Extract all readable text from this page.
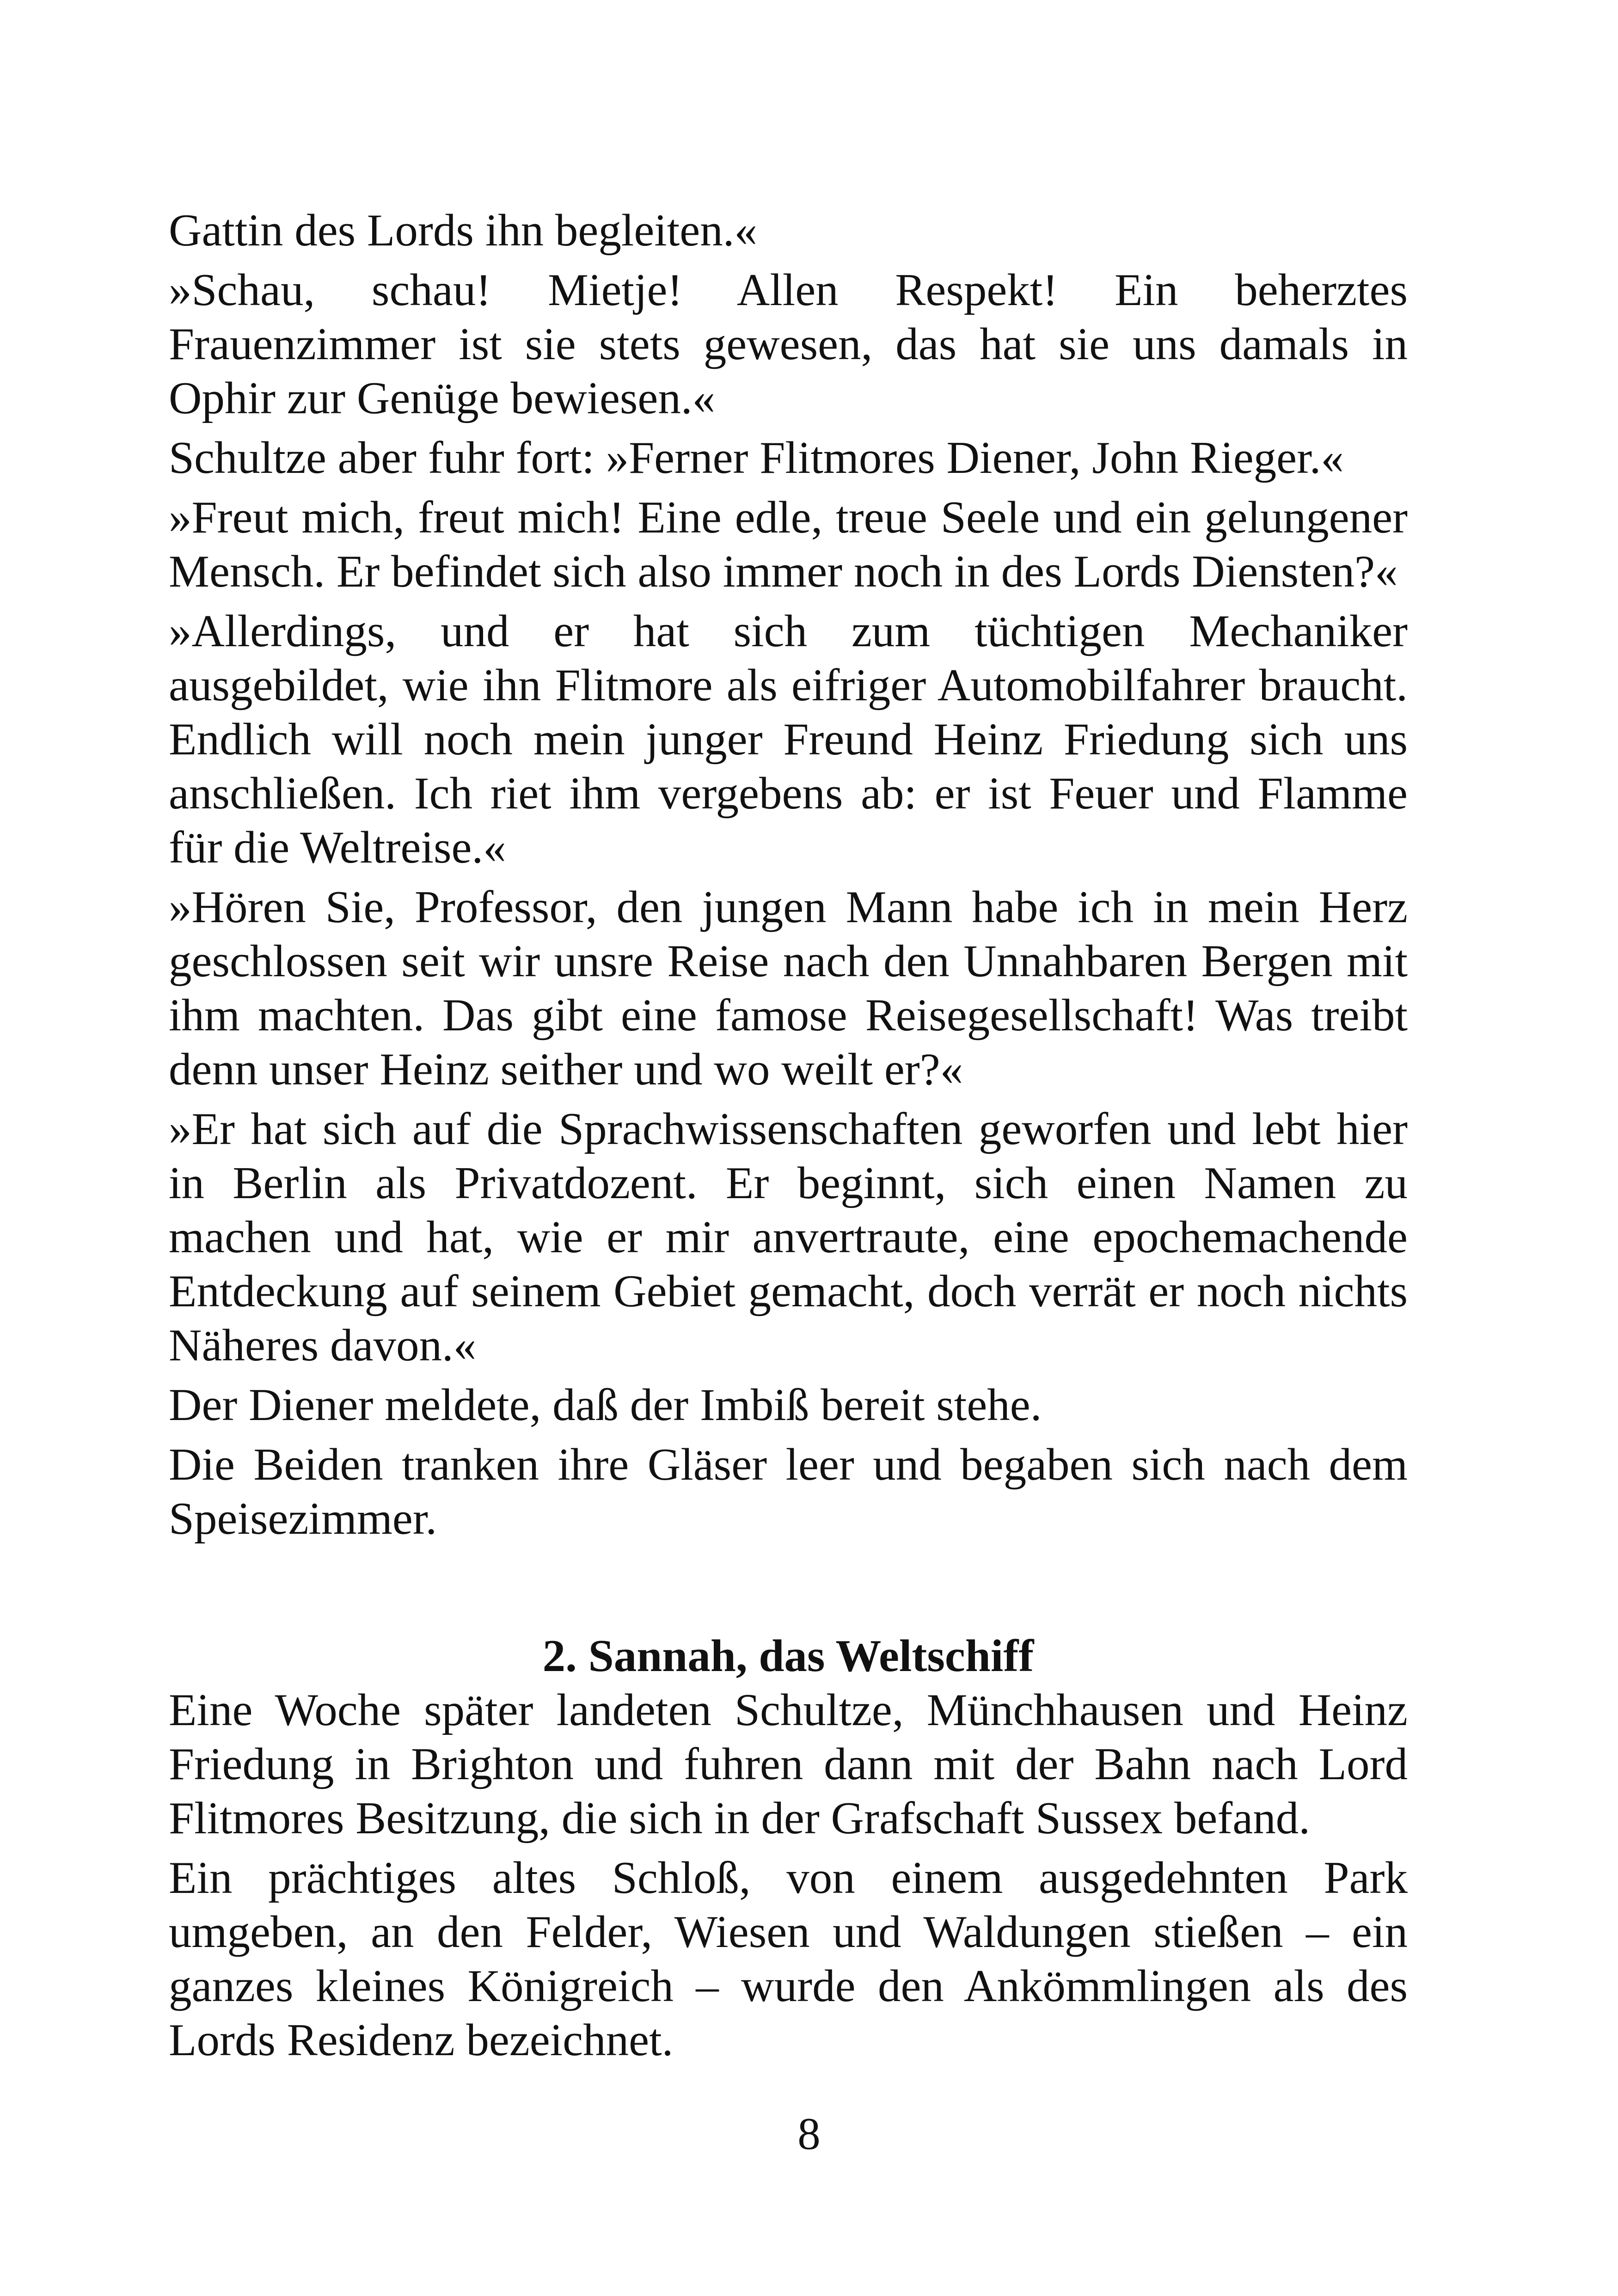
Gattin des Lords ihn begleiten.«

»Schau, schau! Mietje! Allen Respekt! Ein beherztes Frauenzimmer ist sie stets gewesen, das hat sie uns damals in Ophir zur Genüge bewiesen.«

Schultze aber fuhr fort: »Ferner Flitmores Diener, John Rieger.«

»Freut mich, freut mich! Eine edle, treue Seele und ein gelungener Mensch. Er befindet sich also immer noch in des Lords Diensten?«

»Allerdings, und er hat sich zum tüchtigen Mechaniker ausgebildet, wie ihn Flitmore als eifriger Automobilfahrer braucht. Endlich will noch mein junger Freund Heinz Friedung sich uns anschließen. Ich riet ihm vergebens ab: er ist Feuer und Flamme für die Weltreise.«

»Hören Sie, Professor, den jungen Mann habe ich in mein Herz geschlossen seit wir unsre Reise nach den Unnahbaren Bergen mit ihm machten. Das gibt eine famose Reisegesellschaft! Was treibt denn unser Heinz seither und wo weilt er?«

»Er hat sich auf die Sprachwissenschaften geworfen und lebt hier in Berlin als Privatdozent. Er beginnt, sich einen Namen zu machen und hat, wie er mir anvertraute, eine epochemachende Entdeckung auf seinem Gebiet gemacht, doch verrät er noch nichts Näheres davon.«

Der Diener meldete, daß der Imbiß bereit stehe.

Die Beiden tranken ihre Gläser leer und begaben sich nach dem Speisezimmer.

2. Sannah, das Weltschiff

Eine Woche später landeten Schultze, Münchhausen und Heinz Friedung in Brighton und fuhren dann mit der Bahn nach Lord Flitmores Besitzung, die sich in der Grafschaft Sussex befand.

Ein prächtiges altes Schloß, von einem ausgedehnten Park umgeben, an den Felder, Wiesen und Waldungen stießen – ein ganzes kleines Königreich – wurde den Ankömmlingen als des Lords Residenz bezeichnet.

8
